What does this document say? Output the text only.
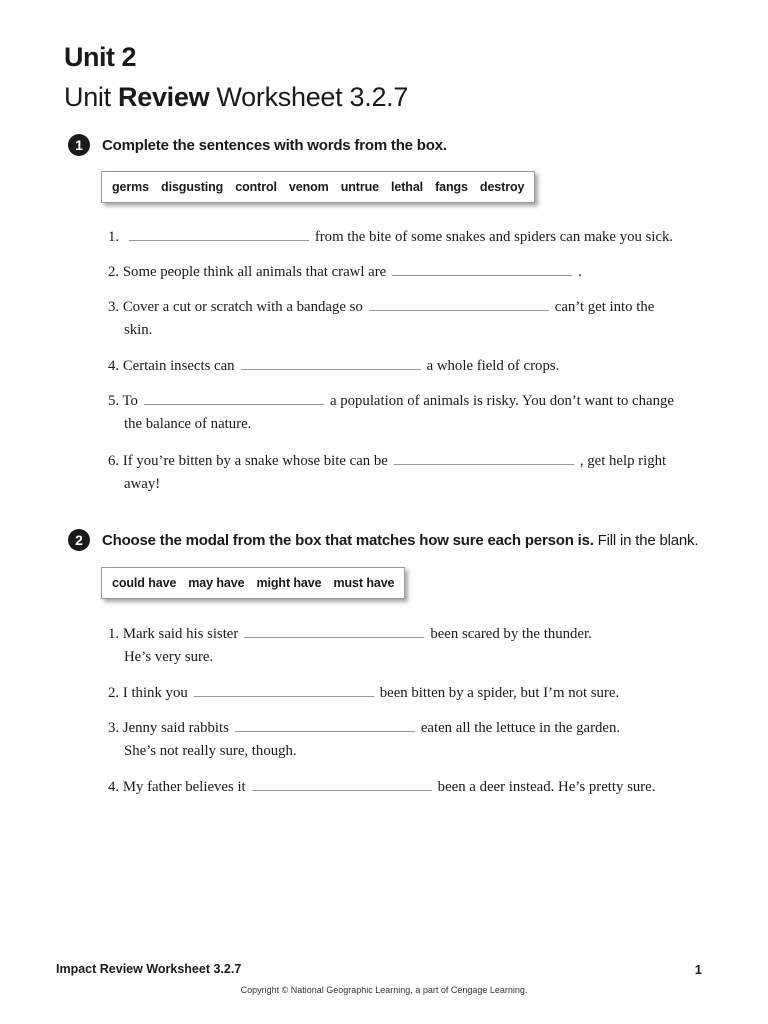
Unit 2
Unit Review Worksheet 3.2.7
1	Complete the sentences with words from the box.
germs disgusting control venom untrue lethal fangs destroy
1.	from the bite of some snakes and spiders can make you sick.
2. Some people think all animals that crawl are	.
3. Cover a cut or scratch with a bandage so	can’t get into the
skin.
4. Certain insects can	a whole field of crops.
5. To	a population of animals is risky. You don’t want to change
the balance of nature.
6. If you’re bitten by a snake whose bite can be	, get help right
away!
2	Choose the modal from the box that matches how sure each person is. Fill in the blank.
could have may have might have must have
1. Mark said his sister	been scared by the thunder.
He’s very sure.
2. I think you	been bitten by a spider, but I’m not sure.
3. Jenny said rabbits	eaten all the lettuce in the garden.
She’s not really sure, though.
4. My father believes it	been a deer instead. He’s pretty sure.
Impact Review Worksheet 3.2.7	1
Copyright © National Geographic Learning, a part of Cengage Learning.
